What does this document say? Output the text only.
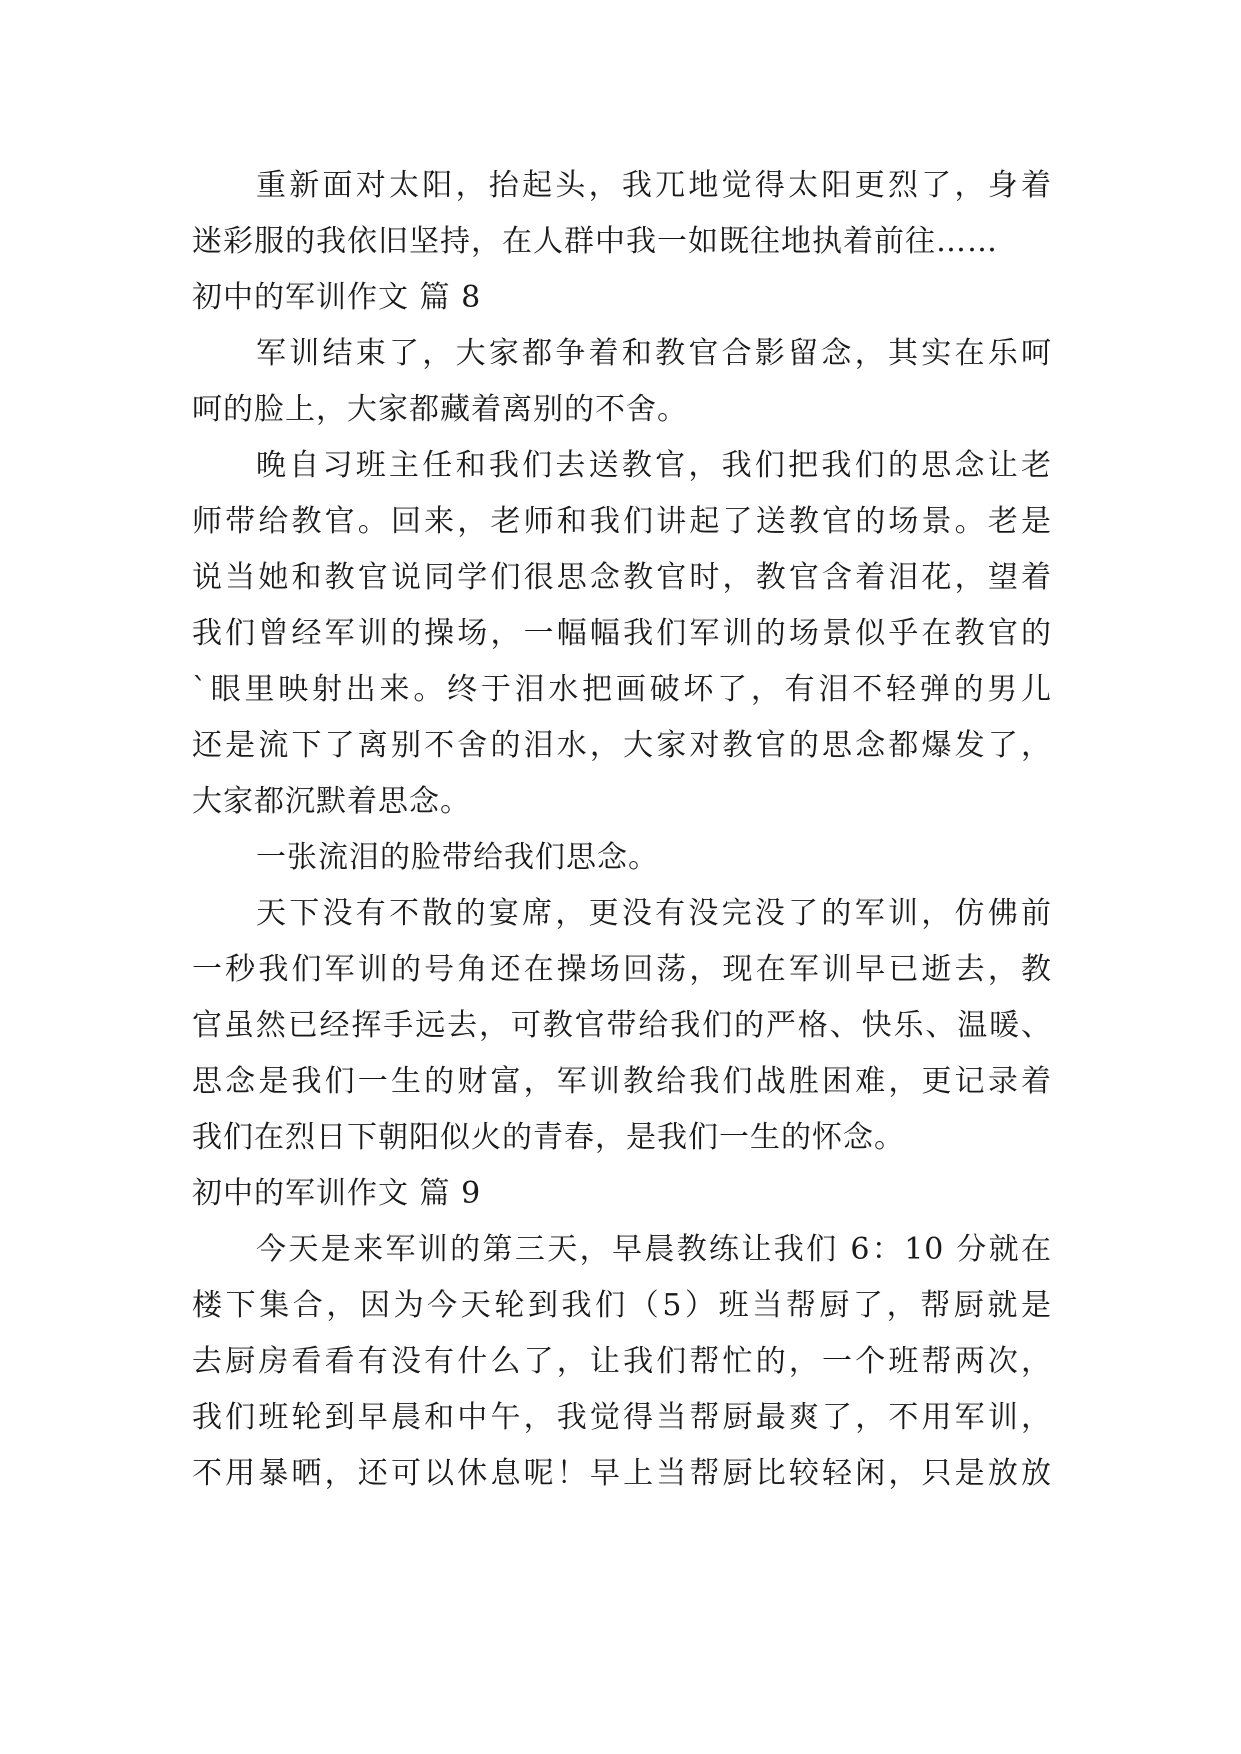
重新面对太阳，抬起头，我兀地觉得太阳更烈了，身着
迷彩服的我依旧坚持，在人群中我一如既往地执着前往……
初中的军训作文 篇 8
军训结束了，大家都争着和教官合影留念，其实在乐呵
呵的脸上，大家都藏着离别的不舍。
晚自习班主任和我们去送教官，我们把我们的思念让老
师带给教官。回来，老师和我们讲起了送教官的场景。老是
说当她和教官说同学们很思念教官时，教官含着泪花，望着
我们曾经军训的操场，一幅幅我们军训的场景似乎在教官的
`眼里映射出来。终于泪水把画破坏了，有泪不轻弹的男儿
还是流下了离别不舍的泪水，大家对教官的思念都爆发了，
大家都沉默着思念。
一张流泪的脸带给我们思念。
天下没有不散的宴席，更没有没完没了的军训，仿佛前
一秒我们军训的号角还在操场回荡，现在军训早已逝去，教
官虽然已经挥手远去，可教官带给我们的严格、快乐、温暖、
思念是我们一生的财富，军训教给我们战胜困难，更记录着
我们在烈日下朝阳似火的青春，是我们一生的怀念。
初中的军训作文 篇 9
今天是来军训的第三天，早晨教练让我们 6：10 分就在
楼下集合，因为今天轮到我们（5）班当帮厨了，帮厨就是
去厨房看看有没有什么了，让我们帮忙的，一个班帮两次，
我们班轮到早晨和中午，我觉得当帮厨最爽了，不用军训，
不用暴晒，还可以休息呢！早上当帮厨比较轻闲，只是放放
